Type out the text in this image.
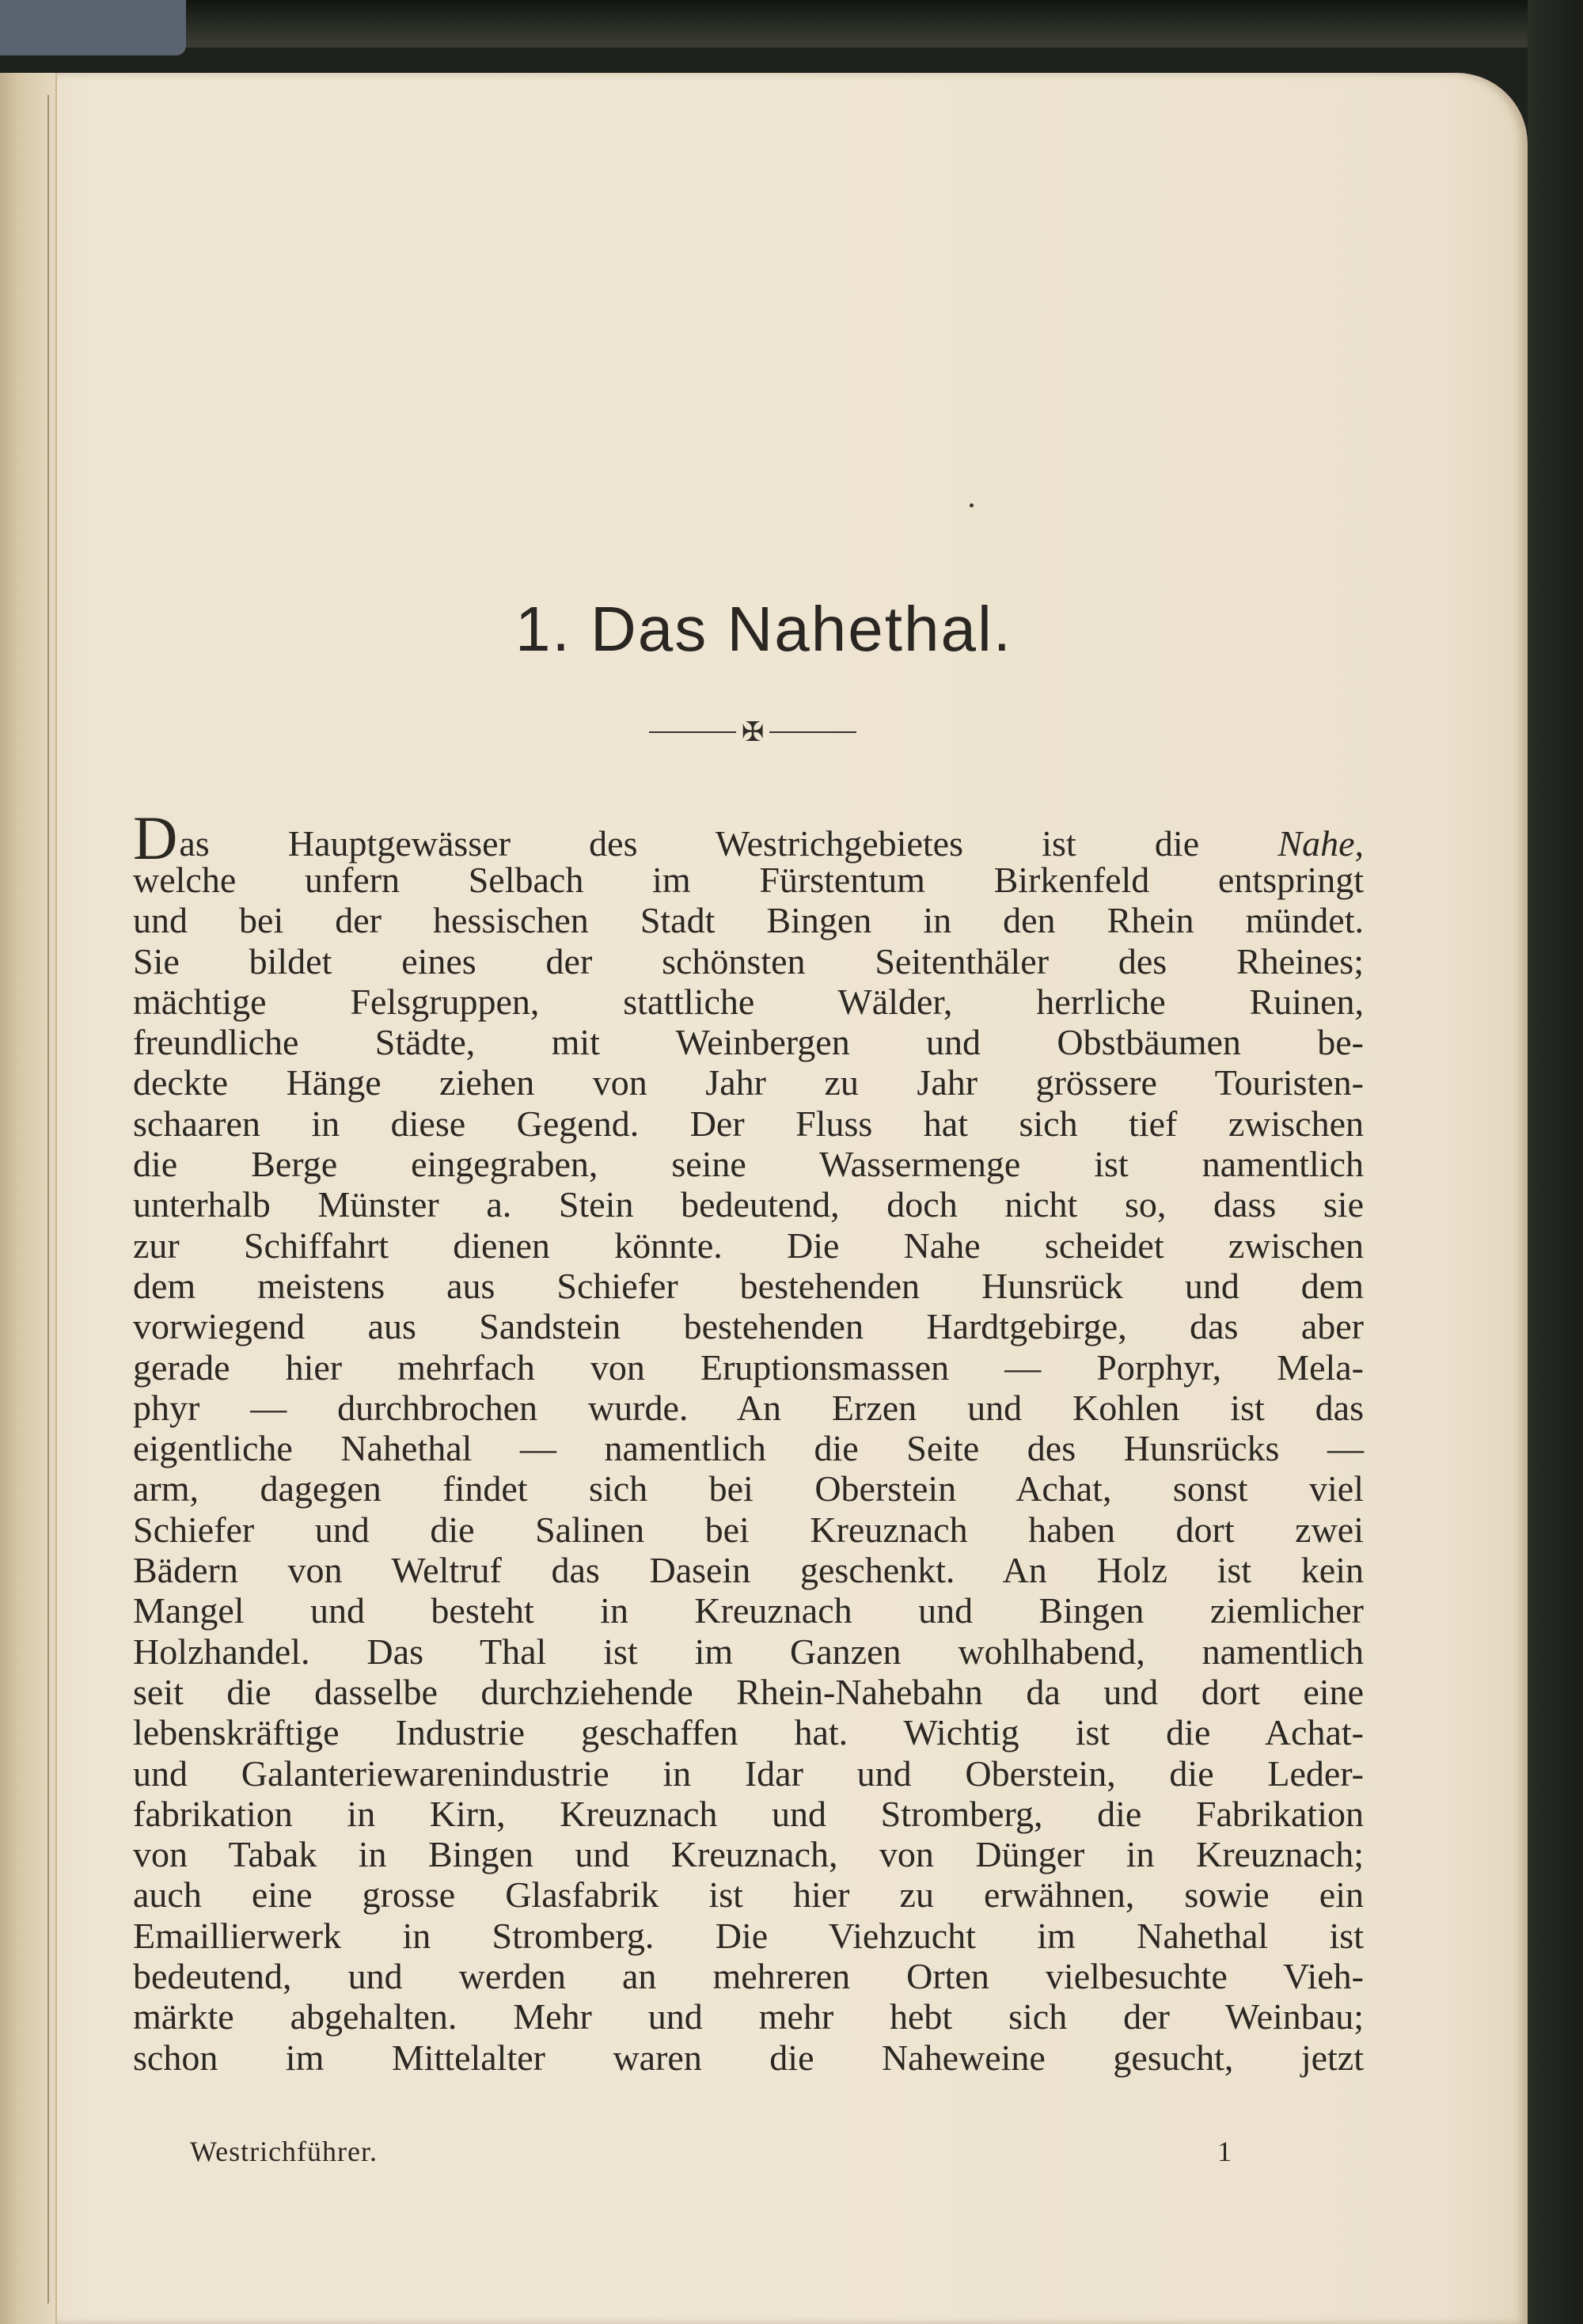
1. Das Nahethal.
✠
Das Hauptgewässer des Westrichgebietes ist die Nahe,
welche unfern Selbach im Fürstentum Birkenfeld entspringt
und bei der hessischen Stadt Bingen in den Rhein mündet.
Sie bildet eines der schönsten Seitenthäler des Rheines;
mächtige Felsgruppen, stattliche Wälder, herrliche Ruinen,
freundliche Städte, mit Weinbergen und Obstbäumen be-
deckte Hänge ziehen von Jahr zu Jahr grössere Touristen-
schaaren in diese Gegend. Der Fluss hat sich tief zwischen
die Berge eingegraben, seine Wassermenge ist namentlich
unterhalb Münster a. Stein bedeutend, doch nicht so, dass sie
zur Schiffahrt dienen könnte. Die Nahe scheidet zwischen
dem meistens aus Schiefer bestehenden Hunsrück und dem
vorwiegend aus Sandstein bestehenden Hardtgebirge, das aber
gerade hier mehrfach von Eruptionsmassen — Porphyr, Mela-
phyr — durchbrochen wurde. An Erzen und Kohlen ist das
eigentliche Nahethal — namentlich die Seite des Hunsrücks —
arm, dagegen findet sich bei Oberstein Achat, sonst viel
Schiefer und die Salinen bei Kreuznach haben dort zwei
Bädern von Weltruf das Dasein geschenkt. An Holz ist kein
Mangel und besteht in Kreuznach und Bingen ziemlicher
Holzhandel. Das Thal ist im Ganzen wohlhabend, namentlich
seit die dasselbe durchziehende Rhein-Nahebahn da und dort eine
lebenskräftige Industrie geschaffen hat. Wichtig ist die Achat-
und Galanteriewarenindustrie in Idar und Oberstein, die Leder-
fabrikation in Kirn, Kreuznach und Stromberg, die Fabrikation
von Tabak in Bingen und Kreuznach, von Dünger in Kreuznach;
auch eine grosse Glasfabrik ist hier zu erwähnen, sowie ein
Emaillierwerk in Stromberg. Die Viehzucht im Nahethal ist
bedeutend, und werden an mehreren Orten vielbesuchte Vieh-
märkte abgehalten. Mehr und mehr hebt sich der Weinbau;
schon im Mittelalter waren die Naheweine gesucht, jetzt
Westrichführer.	1
